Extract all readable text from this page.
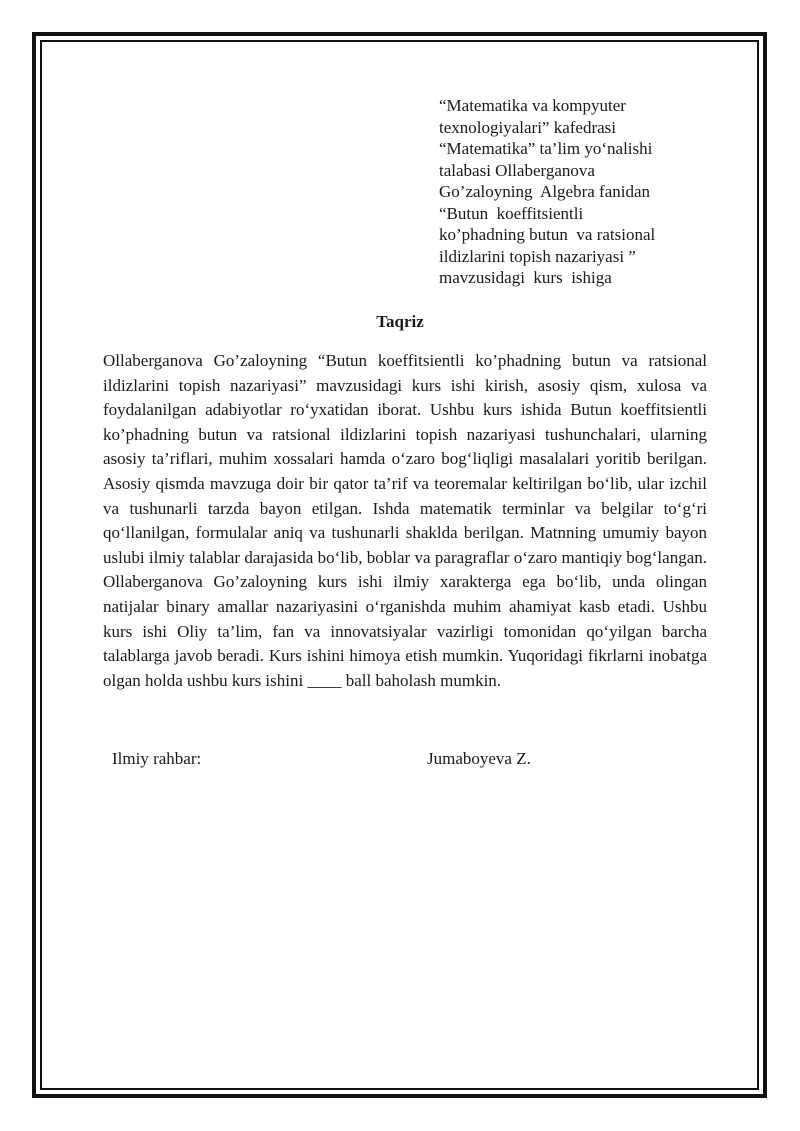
“Matematika va kompyuter
texnologiyalari” kafedrasi
“Matematika” ta’lim yo‘nalishi
talabasi Ollaberganova
Go’zaloyning  Algebra fanidan
“Butun  koeffitsientli
ko’phadning butun  va ratsional
ildizlarini topish nazariyasi ”
mavzusidagi  kurs  ishiga
Taqriz

Ollaberganova Go’zaloyning “Butun koeffitsientli ko’phadning butun va ratsional ildizlarini topish nazariyasi” mavzusidagi kurs ishi kirish, asosiy qism, xulosa va foydalanilgan adabiyotlar ro‘yxatidan iborat. Ushbu kurs ishida Butun koeffitsientli ko’phadning butun va ratsional ildizlarini topish nazariyasi tushunchalari, ularning asosiy ta’riflari, muhim xossalari hamda o‘zaro bog‘liqligi masalalari yoritib berilgan. Asosiy qismda mavzuga doir bir qator ta’rif va teoremalar keltirilgan bo‘lib, ular izchil va tushunarli tarzda bayon etilgan. Ishda matematik terminlar va belgilar to‘g‘ri qo‘llanilgan, formulalar aniq va tushunarli shaklda berilgan. Matnning umumiy bayon uslubi ilmiy talablar darajasida bo‘lib, boblar va paragraflar o‘zaro mantiqiy bog‘langan. Ollaberganova Go’zaloyning kurs ishi ilmiy xarakterga ega bo‘lib, unda olingan natijalar binary amallar nazariyasini o‘rganishda muhim ahamiyat kasb etadi. Ushbu kurs ishi Oliy ta’lim, fan va innovatsiyalar vazirligi tomonidan qo‘yilgan barcha talablarga javob beradi. Kurs ishini himoya etish mumkin. Yuqoridagi fikrlarni inobatga olgan holda ushbu kurs ishini ____ ball baholash mumkin.

Ilmiy rahbar:	Jumaboyeva Z.
